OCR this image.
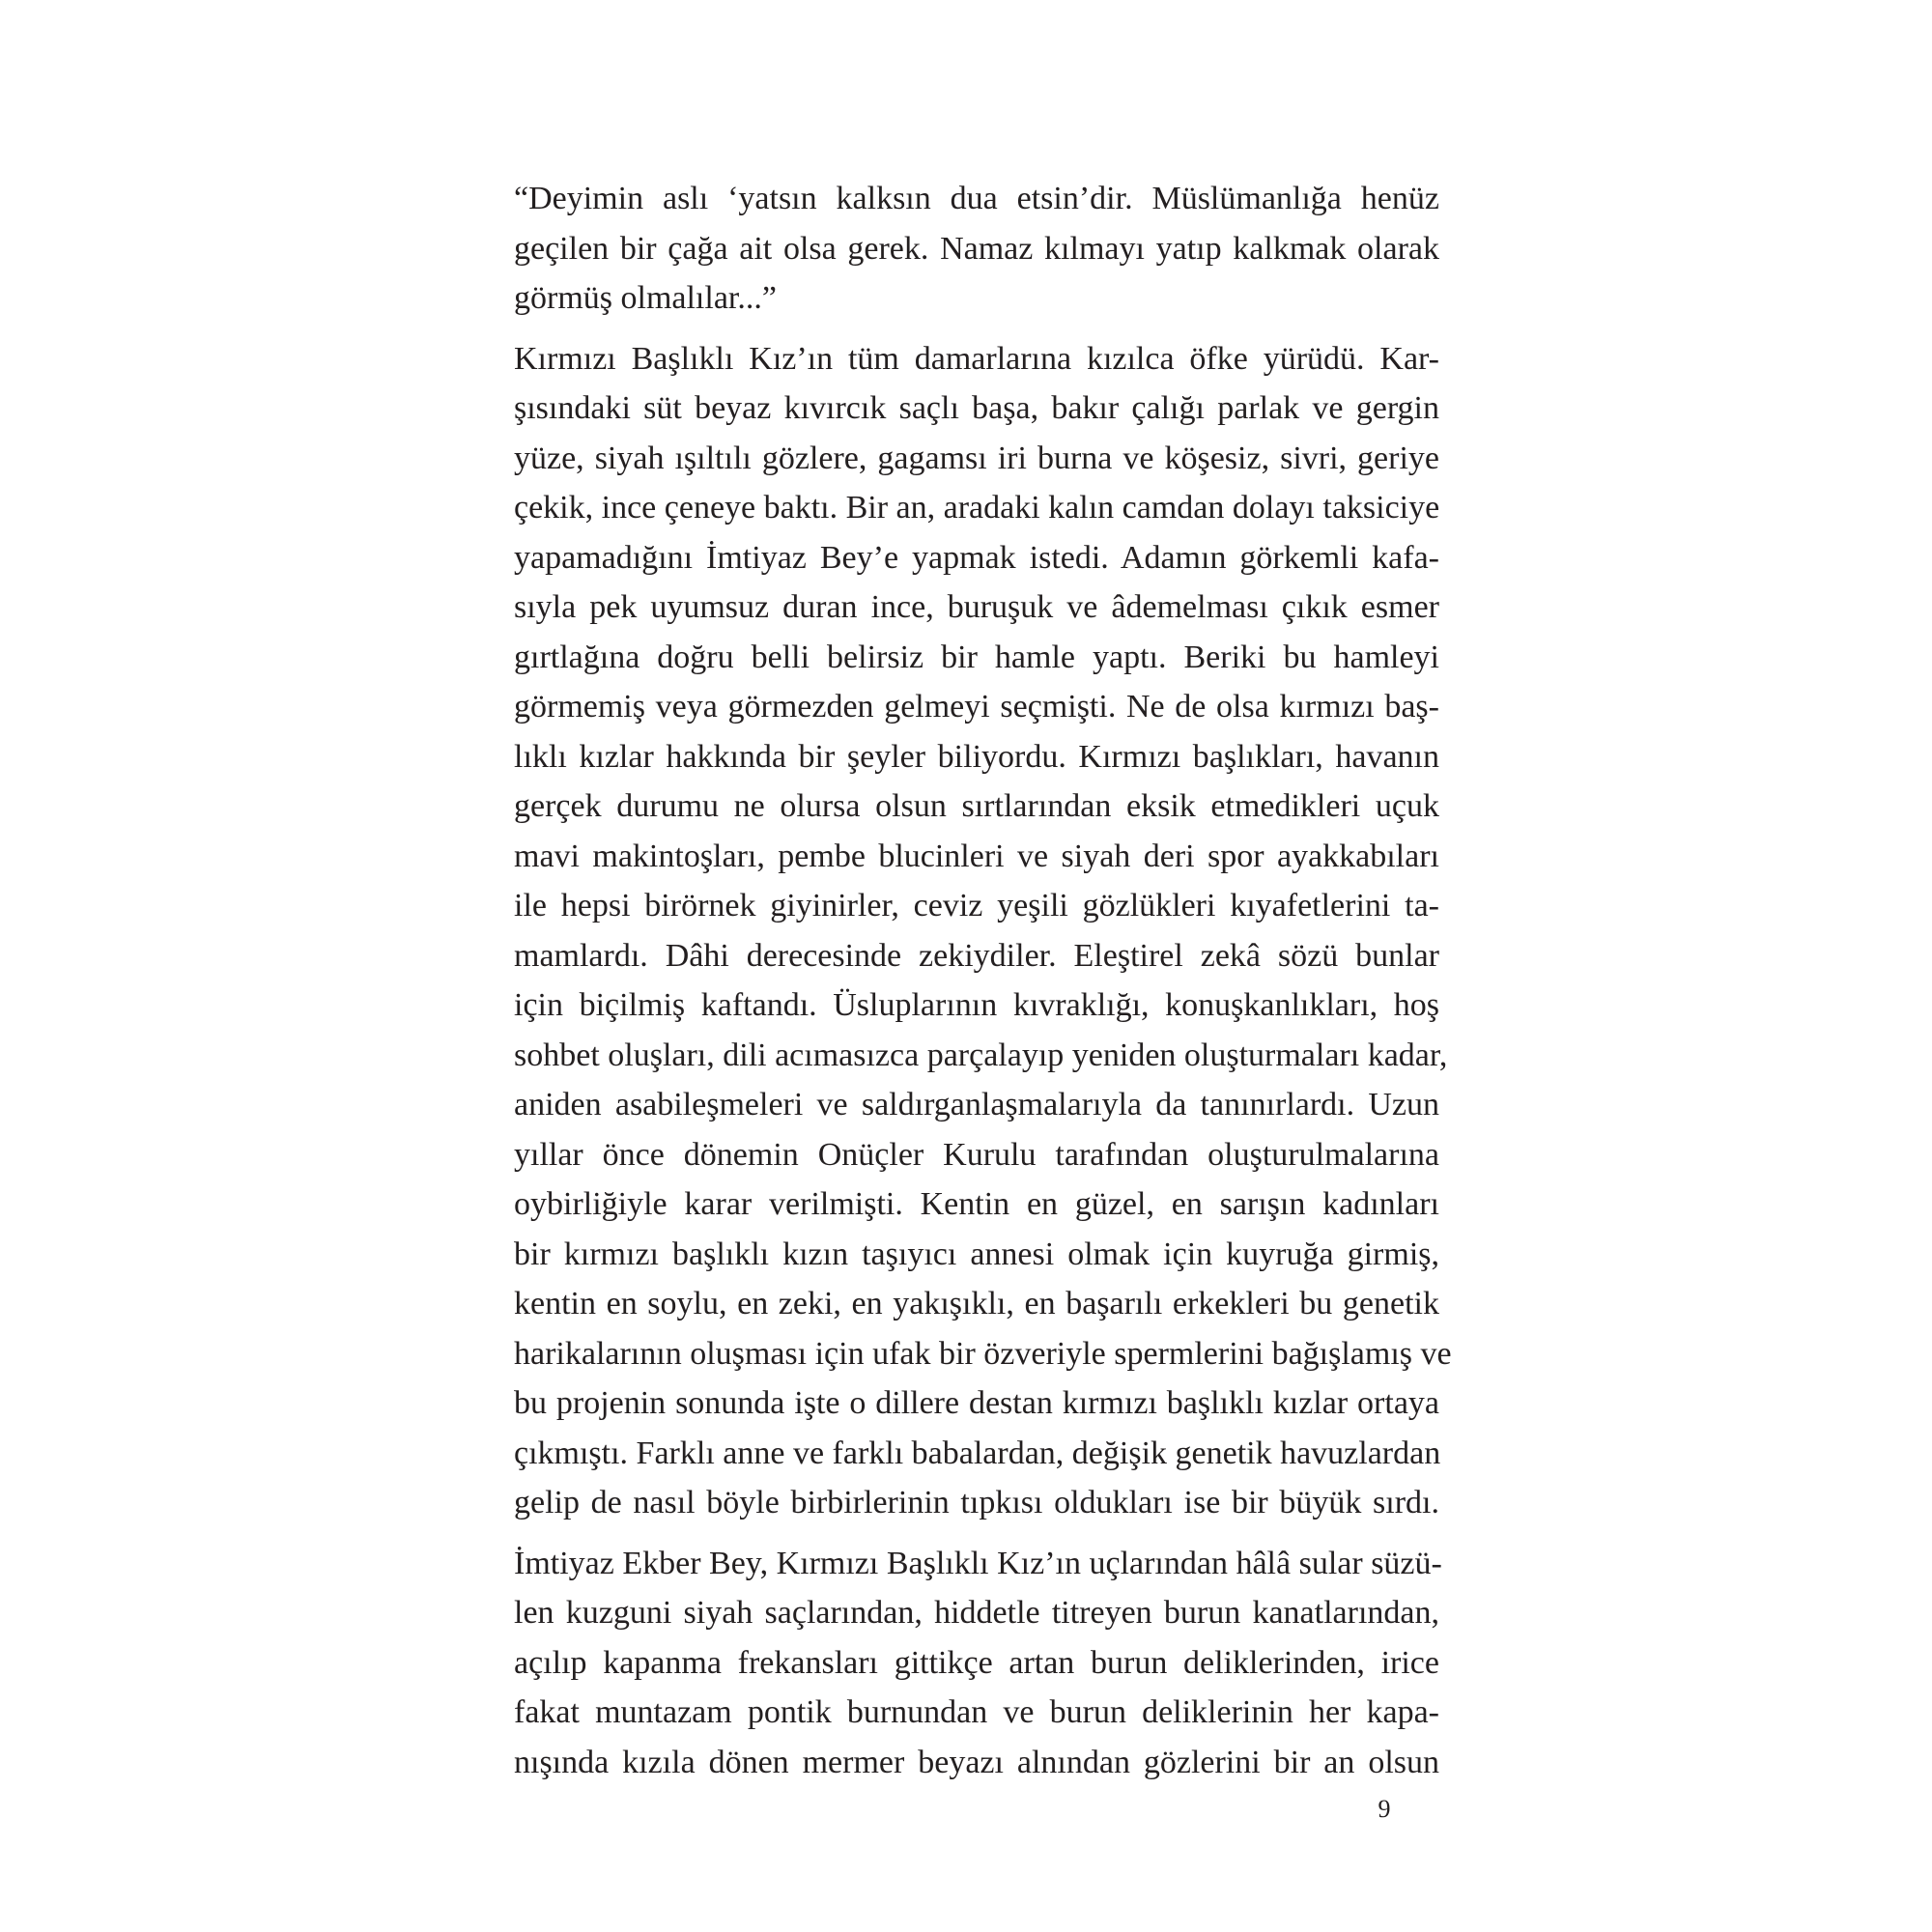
“Deyimin aslı ‘yatsın kalksın dua etsin’dir. Müslümanlığa henüz
geçilen bir çağa ait olsa gerek. Namaz kılmayı yatıp kalkmak olarak
görmüş olmalılar...”
Kırmızı Başlıklı Kız’ın tüm damarlarına kızılca öfke yürüdü. Kar-
şısındaki süt beyaz kıvırcık saçlı başa, bakır çalığı parlak ve gergin
yüze, siyah ışıltılı gözlere, gagamsı iri burna ve köşesiz, sivri, geriye
çekik, ince çeneye baktı. Bir an, aradaki kalın camdan dolayı taksiciye
yapamadığını İmtiyaz Bey’e yapmak istedi. Adamın görkemli kafa-
sıyla pek uyumsuz duran ince, buruşuk ve âdemelması çıkık esmer
gırtlağına doğru belli belirsiz bir hamle yaptı. Beriki bu hamleyi
görmemiş veya görmezden gelmeyi seçmişti. Ne de olsa kırmızı baş-
lıklı kızlar hakkında bir şeyler biliyordu. Kırmızı başlıkları, havanın
gerçek durumu ne olursa olsun sırtlarından eksik etmedikleri uçuk
mavi makintoşları, pembe blucinleri ve siyah deri spor ayakkabıları
ile hepsi birörnek giyinirler, ceviz yeşili gözlükleri kıyafetlerini ta-
mamlardı. Dâhi derecesinde zekiydiler. Eleştirel zekâ sözü bunlar
için biçilmiş kaftandı. Üsluplarının kıvraklığı, konuşkanlıkları, hoş
sohbet oluşları, dili acımasızca parçalayıp yeniden oluşturmaları kadar,
aniden asabileşmeleri ve saldırganlaşmalarıyla da tanınırlardı. Uzun
yıllar önce dönemin Onüçler Kurulu tarafından oluşturulmalarına
oybirliğiyle karar verilmişti. Kentin en güzel, en sarışın kadınları
bir kırmızı başlıklı kızın taşıyıcı annesi olmak için kuyruğa girmiş,
kentin en soylu, en zeki, en yakışıklı, en başarılı erkekleri bu genetik
harikalarının oluşması için ufak bir özveriyle spermlerini bağışlamış ve
bu projenin sonunda işte o dillere destan kırmızı başlıklı kızlar ortaya
çıkmıştı. Farklı anne ve farklı babalardan, değişik genetik havuzlardan
gelip de nasıl böyle birbirlerinin tıpkısı oldukları ise bir büyük sırdı.
İmtiyaz Ekber Bey, Kırmızı Başlıklı Kız’ın uçlarından hâlâ sular süzü-
len kuzguni siyah saçlarından, hiddetle titreyen burun kanatlarından,
açılıp kapanma frekansları gittikçe artan burun deliklerinden, irice
fakat muntazam pontik burnundan ve burun deliklerinin her kapa-
nışında kızıla dönen mermer beyazı alnından gözlerini bir an olsun
9
